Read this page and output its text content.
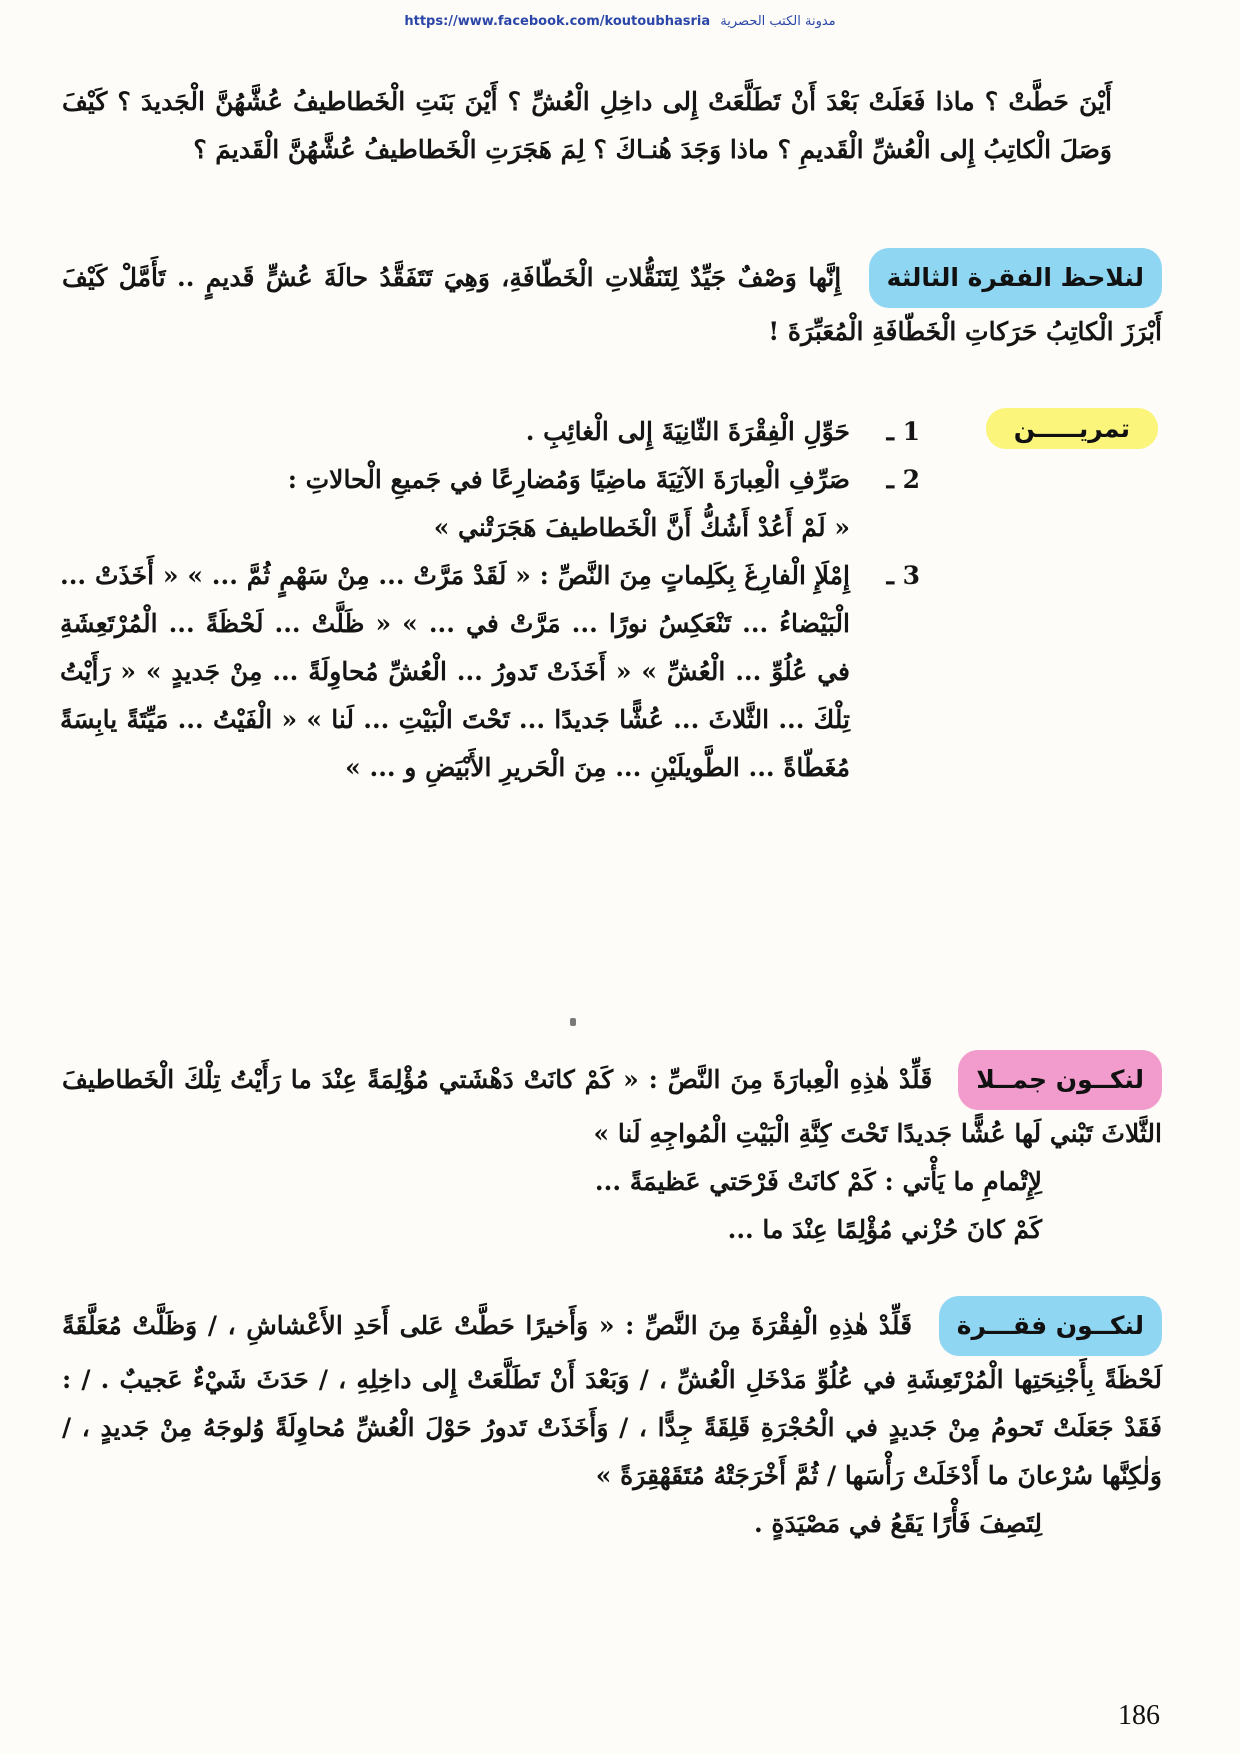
https://www.facebook.com/koutoubhasria مدونة الكتب الحصرية
أَيْنَ حَطَّتْ ؟ ماذا فَعَلَتْ بَعْدَ أَنْ تَطَلَّعَتْ إِلى داخِلِ الْعُشِّ ؟ أَيْنَ بَنَتِ الْخَطاطيفُ عُشَّهُنَّ الْجَديدَ ؟ كَيْفَ وَصَلَ الْكاتِبُ إِلى الْعُشِّ الْقَديمِ ؟ ماذا وَجَدَ هُنـاكَ ؟ لِمَ هَجَرَتِ الْخَطاطيفُ عُشَّهُنَّ الْقَديمَ ؟
لنلاحظ الفقرة الثالثة إِنَّها وَصْفٌ جَيِّدٌ لِتَنَقُّلاتِ الْخَطّافَةِ، وَهِيَ تَتَفَقَّدُ حالَةَ عُشٍّ قَديمٍ .. تَأَمَّلْ كَيْفَ أَبْرَزَ الْكاتِبُ حَرَكاتِ الْخَطّافَةِ الْمُعَبِّرَةَ !
تمريـــــن
1 ـ
حَوِّلِ الْفِقْرَةَ الثّانِيَةَ إِلى الْغائِبِ .
2 ـ
صَرِّفِ الْعِبارَةَ الآتِيَةَ ماضِيًا وَمُضارِعًا في جَميعِ الْحالاتِ :
« لَمْ أَعُدْ أَشُكُّ أَنَّ الْخَطاطيفَ هَجَرَتْني »
3 ـ
إِمْلَإِ الْفارِغَ بِكَلِماتٍ مِنَ النَّصِّ : « لَقَدْ مَرَّتْ ... مِنْ سَهْمٍ ثُمَّ ... » « أَخَذَتْ ... الْبَيْضاءُ ... تَنْعَكِسُ نورًا ... مَرَّتْ في ... » « ظَلَّتْ ... لَحْظَةً ... الْمُرْتَعِشَةِ في عُلُوِّ ... الْعُشِّ » « أَخَذَتْ تَدورُ ... الْعُشِّ مُحاوِلَةً ... مِنْ جَديدٍ » « رَأَيْتُ تِلْكَ ... الثَّلاثَ ... عُشًّا جَديدًا ... تَحْتَ الْبَيْتِ ... لَنا » « الْفَيْتُ ... مَيِّتَةً يابِسَةً مُغَطّاةً ... الطَّويلَيْنِ ... مِنَ الْحَريرِ الأَبْيَضِ و ... »
لنكــون جمــلا قَلِّدْ هٰذِهِ الْعِبارَةَ مِنَ النَّصِّ : « كَمْ كانَتْ دَهْشَتي مُؤْلِمَةً عِنْدَ ما رَأَيْتُ تِلْكَ الْخَطاطيفَ الثَّلاثَ تَبْني لَها عُشًّا جَديدًا تَحْتَ كِنَّةِ الْبَيْتِ الْمُواجِهِ لَنا »
لِإِتْمامِ ما يَأْتي : كَمْ كانَتْ فَرْحَتي عَظيمَةً ...
كَمْ كانَ حُزْني مُؤْلِمًا عِنْدَ ما ...
لنكــون فقـــرة قَلِّدْ هٰذِهِ الْفِقْرَةَ مِنَ النَّصِّ : « وَأَخيرًا حَطَّتْ عَلى أَحَدِ الأَعْشاشِ ، / وَظَلَّتْ مُعَلَّقَةً لَحْظَةً بِأَجْنِحَتِها الْمُرْتَعِشَةِ في عُلُوِّ مَدْخَلِ الْعُشِّ ، / وَبَعْدَ أَنْ تَطَلَّعَتْ إِلى داخِلِهِ ، / حَدَثَ شَيْءٌ عَجيبٌ . / : فَقَدْ جَعَلَتْ تَحومُ مِنْ جَديدٍ في الْحُجْرَةِ قَلِقَةً جِدًّا ، / وَأَخَذَتْ تَدورُ حَوْلَ الْعُشِّ مُحاوِلَةً وُلوجَهُ مِنْ جَديدٍ ، / وَلٰكِنَّها سُرْعانَ ما أَدْخَلَتْ رَأْسَها / ثُمَّ أَخْرَجَتْهُ مُتَقَهْقِرَةً »
لِتَصِفَ فَأْرًا يَقَعُ في مَصْيَدَةٍ .
186
